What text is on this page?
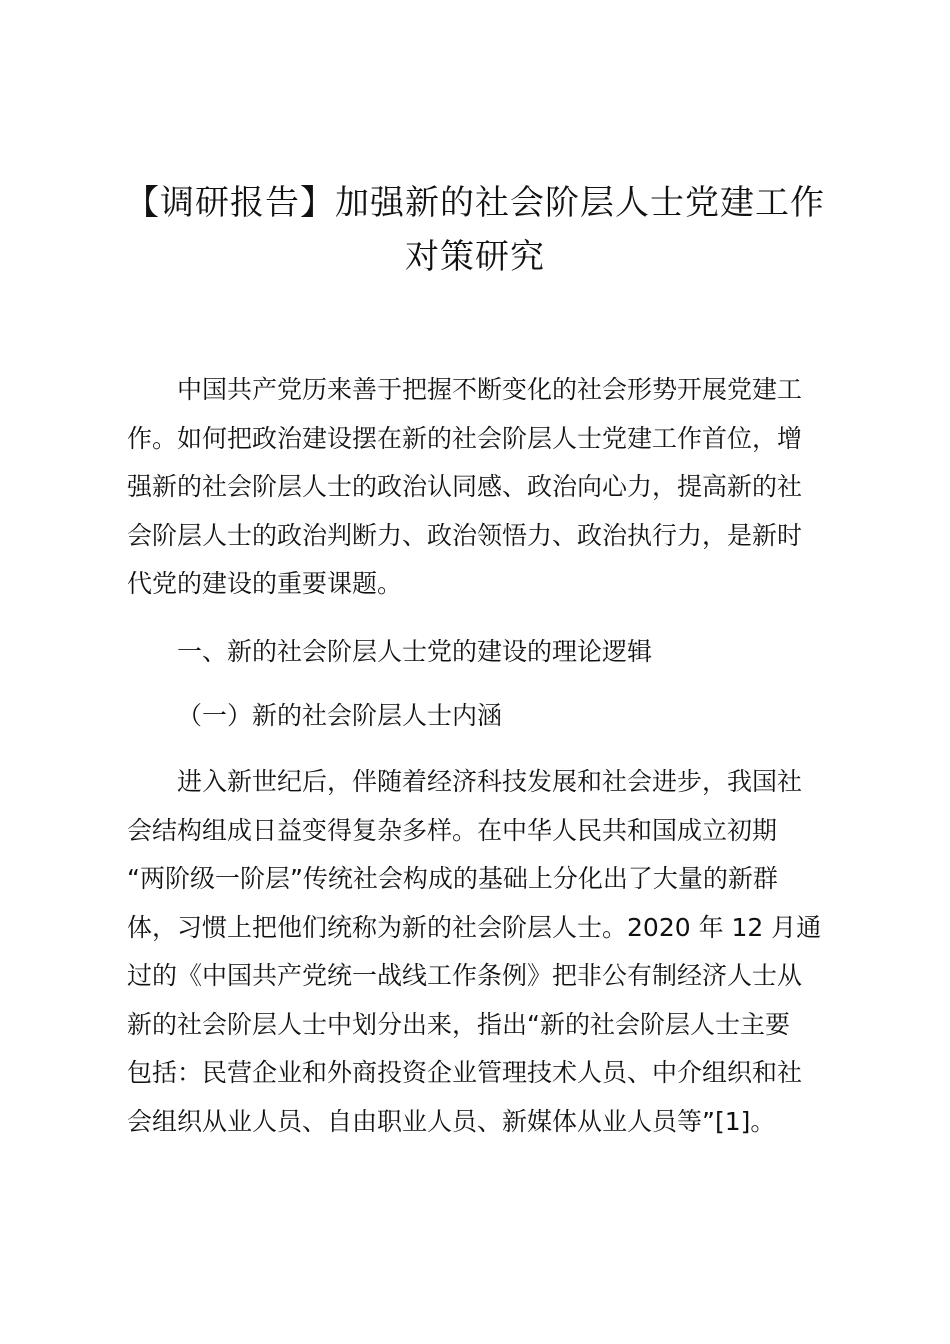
【调研报告】加强新的社会阶层人士党建工作
对策研究
中国共产党历来善于把握不断变化的社会形势开展党建工
作。如何把政治建设摆在新的社会阶层人士党建工作首位，增
强新的社会阶层人士的政治认同感、政治向心力，提高新的社
会阶层人士的政治判断力、政治领悟力、政治执行力，是新时
代党的建设的重要课题。
一、新的社会阶层人士党的建设的理论逻辑
（一）新的社会阶层人士内涵
进入新世纪后，伴随着经济科技发展和社会进步，我国社
会结构组成日益变得复杂多样。在中华人民共和国成立初期
“两阶级一阶层”传统社会构成的基础上分化出了大量的新群
体，习惯上把他们统称为新的社会阶层人士。2020 年 12 月通
过的《中国共产党统一战线工作条例》把非公有制经济人士从
新的社会阶层人士中划分出来，指出“新的社会阶层人士主要
包括：民营企业和外商投资企业管理技术人员、中介组织和社
会组织从业人员、自由职业人员、新媒体从业人员等”[1]。
